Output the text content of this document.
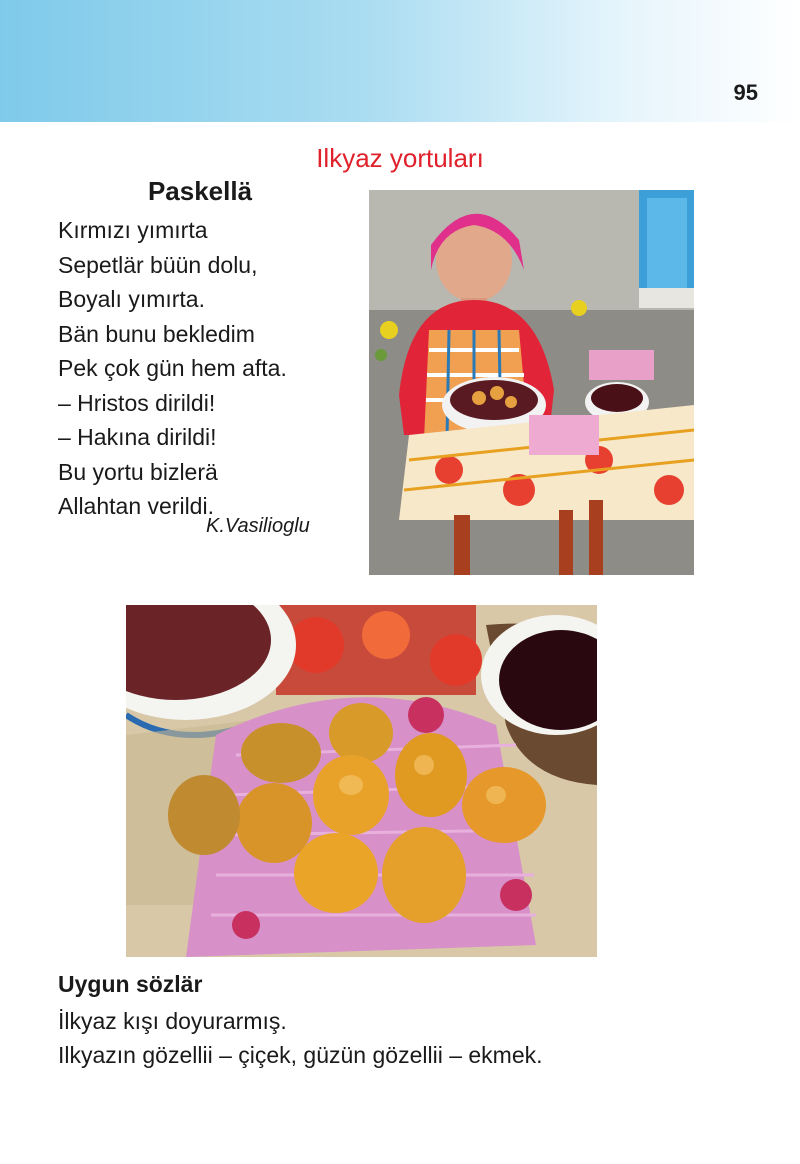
95
Ilkyaz yortuları
Paskellä
Kırmızı yımırta
Sepetlär büün dolu,
Boyalı yımırta.
Bän bunu bekledim
Pek çok gün hem afta.
– Hristos dirildi!
– Hakına dirildi!
Bu yortu bizlerä
Allahtan verildi.
K.Vasilioglu
Uygun sözlär
İlkyaz kışı doyurarmış.
Ilkyazın gözellii – çiçek, güzün gözellii – ekmek.
